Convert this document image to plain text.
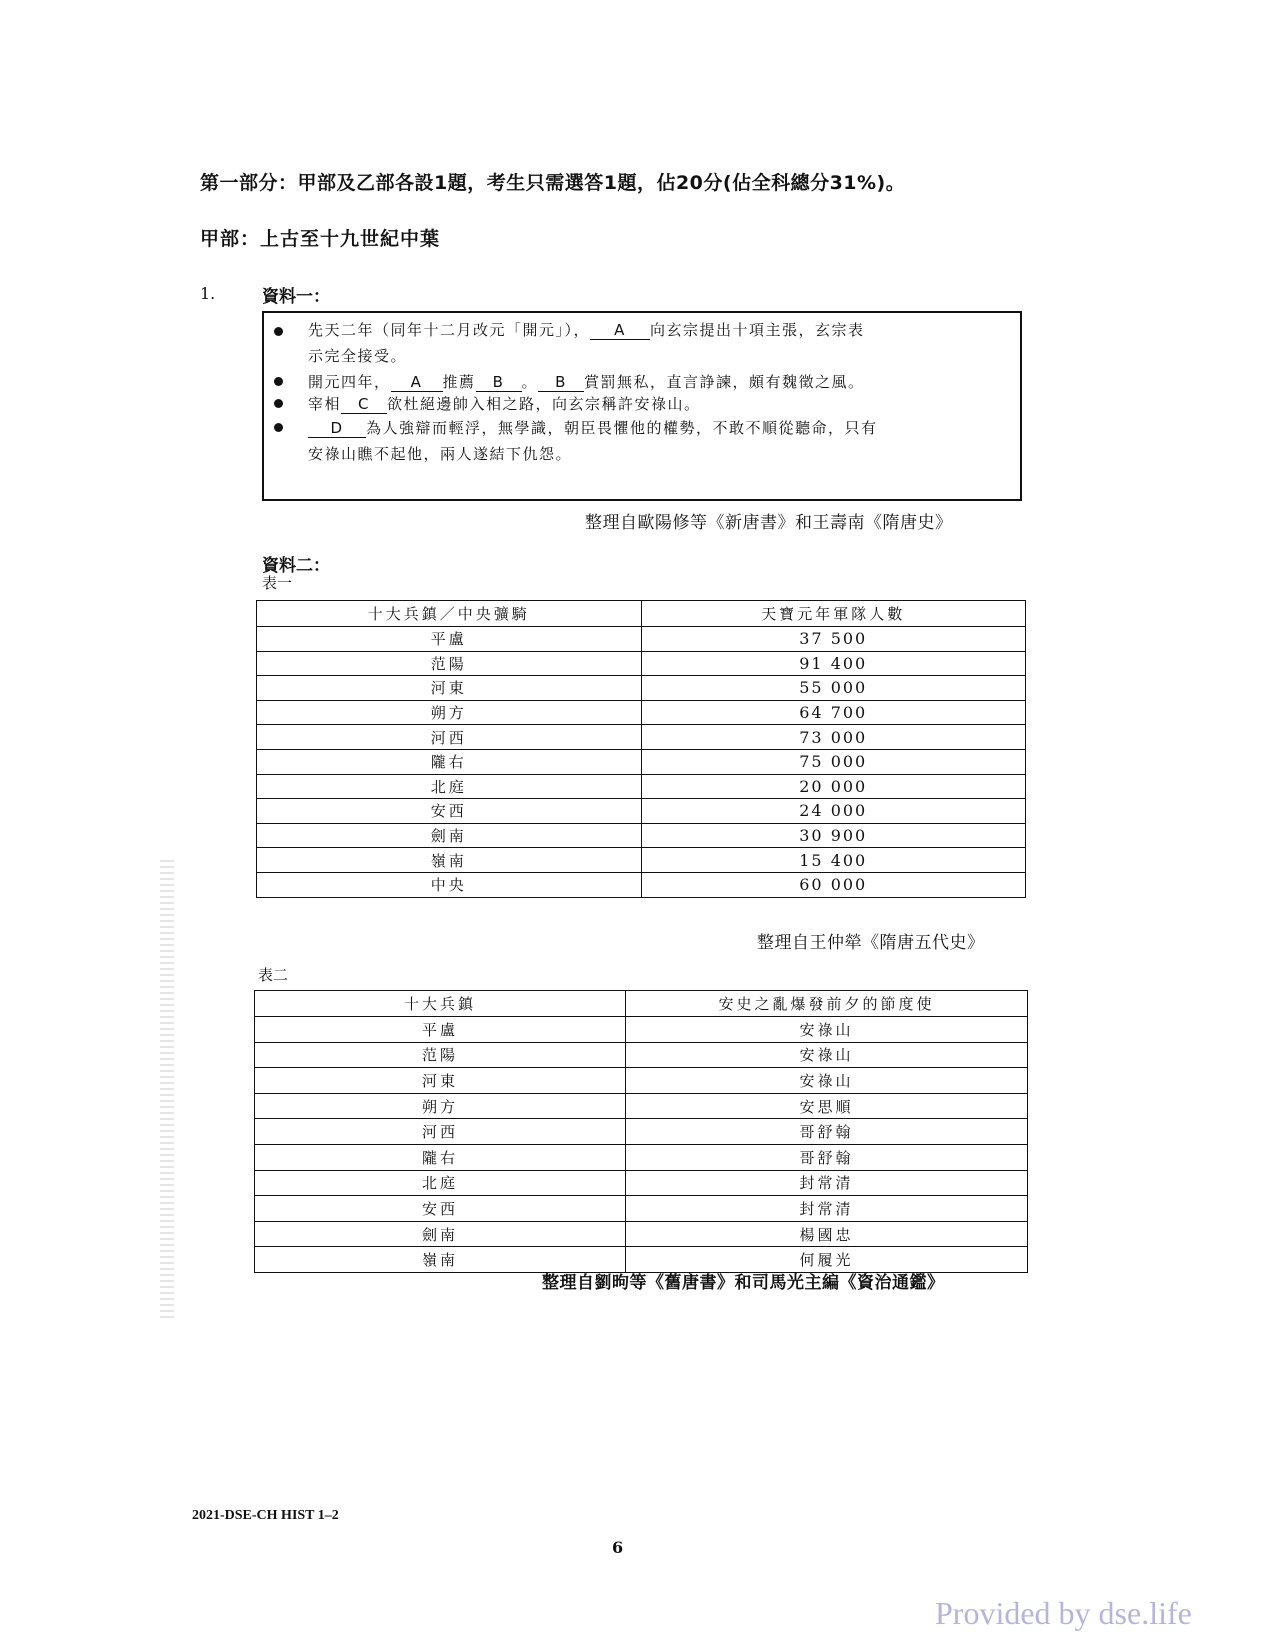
第一部分：甲部及乙部各設1題，考生只需選答1題，佔20分(佔全科總分31%)。
甲部：上古至十九世紀中葉
1.	資料一：
先天二年（同年十二月改元「開元」）， A 向玄宗提出十項主張，玄宗表
示完全接受。
開元四年， A 推薦 B 。 B 賞罰無私，直言諍諫，頗有魏徵之風。
宰相 C 欲杜絕邊帥入相之路，向玄宗稱許安祿山。
D 為人強辯而輕浮，無學識，朝臣畏懼他的權勢，不敢不順從聽命，只有
安祿山瞧不起他，兩人遂結下仇怨。
整理自歐陽修等《新唐書》和王壽南《隋唐史》
資料二：
表一
十大兵鎮／中央彍騎	天寶元年軍隊人數
平盧	37 500
范陽	91 400
河東	55 000
朔方	64 700
河西	73 000
隴右	75 000
北庭	20 000
安西	24 000
劍南	30 900
嶺南	15 400
中央	60 000
整理自王仲犖《隋唐五代史》
表二
十大兵鎮	安史之亂爆發前夕的節度使
平盧	安祿山
范陽	安祿山
河東	安祿山
朔方	安思順
河西	哥舒翰
隴右	哥舒翰
北庭	封常清
安西	封常清
劍南	楊國忠
嶺南	何履光
整理自劉昫等《舊唐書》和司馬光主編《資治通鑑》
2021-DSE-CH HIST 1–2
6
Provided by dse.life
